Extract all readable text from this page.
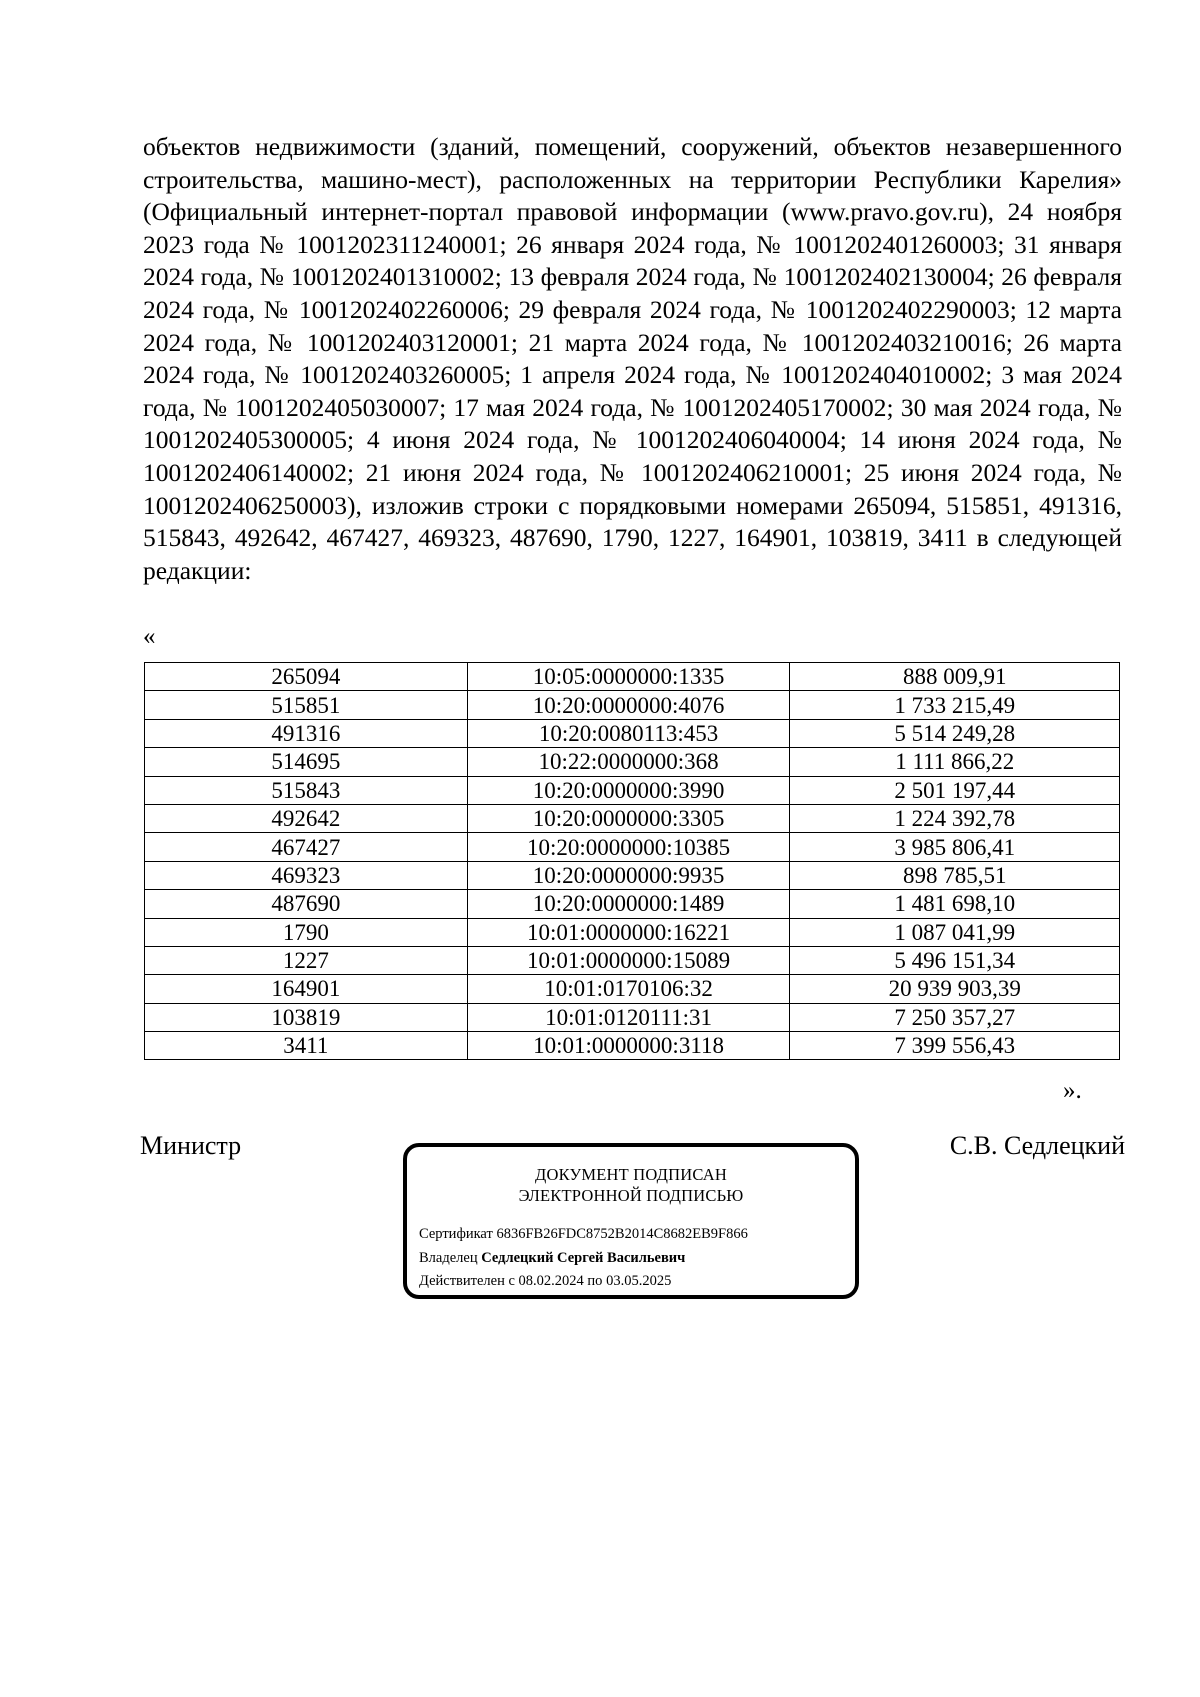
объектов недвижимости (зданий, помещений, сооружений, объектов незавершенного строительства, машино-мест), расположенных на территории Республики Карелия» (Официальный интернет-портал правовой информации (www.pravo.gov.ru), 24 ноября 2023 года № 1001202311240001; 26 января 2024 года, № 1001202401260003; 31 января 2024 года, № 1001202401310002; 13 февраля 2024 года, № 1001202402130004; 26 февраля 2024 года, № 1001202402260006; 29 февраля 2024 года, № 1001202402290003; 12 марта 2024 года, № 1001202403120001; 21 марта 2024 года, № 1001202403210016; 26 марта 2024 года, № 1001202403260005; 1 апреля 2024 года, № 1001202404010002; 3 мая 2024 года, № 1001202405030007; 17 мая 2024 года, № 1001202405170002; 30 мая 2024 года, № 1001202405300005; 4 июня 2024 года, № 1001202406040004; 14 июня 2024 года, № 1001202406140002; 21 июня 2024 года, № 1001202406210001; 25 июня 2024 года, № 1001202406250003), изложив строки с порядковыми номерами 265094, 515851, 491316, 515843, 492642, 467427, 469323, 487690, 1790, 1227, 164901, 103819, 3411 в следующей редакции:

«
265094	10:05:0000000:1335	888 009,91
515851	10:20:0000000:4076	1 733 215,49
491316	10:20:0080113:453	5 514 249,28
514695	10:22:0000000:368	1 111 866,22
515843	10:20:0000000:3990	2 501 197,44
492642	10:20:0000000:3305	1 224 392,78
467427	10:20:0000000:10385	3 985 806,41
469323	10:20:0000000:9935	898 785,51
487690	10:20:0000000:1489	1 481 698,10
1790	10:01:0000000:16221	1 087 041,99
1227	10:01:0000000:15089	5 496 151,34
164901	10:01:0170106:32	20 939 903,39
103819	10:01:0120111:31	7 250 357,27
3411	10:01:0000000:3118	7 399 556,43
».
Министр	С.В. Седлецкий
ДОКУМЕНТ ПОДПИСАН
ЭЛЕКТРОННОЙ ПОДПИСЬЮ
Сертификат 6836FB26FDC8752B2014C8682EB9F866
Владелец Седлецкий Сергей Васильевич
Действителен с 08.02.2024 по 03.05.2025
